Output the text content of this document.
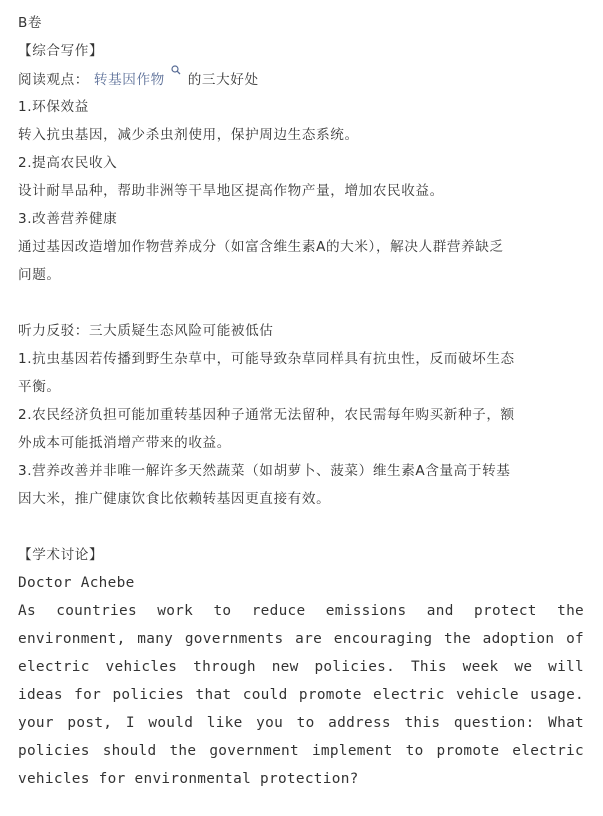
B卷
【综合写作】
阅读观点： 转基因作物 的三大好处
1.环保效益
转入抗虫基因，减少杀虫剂使用，保护周边生态系统。
2.提高农民收入
设计耐旱品种，帮助非洲等干旱地区提高作物产量，增加农民收益。
3.改善营养健康
通过基因改造增加作物营养成分（如富含维生素A的大米），解决人群营养缺乏
问题。
听力反驳：三大质疑生态风险可能被低估
1.抗虫基因若传播到野生杂草中，可能导致杂草同样具有抗虫性，反而破坏生态
平衡。
2.农民经济负担可能加重转基因种子通常无法留种，农民需每年购买新种子，额
外成本可能抵消增产带来的收益。
3.营养改善并非唯一解许多天然蔬菜（如胡萝卜、菠菜）维生素A含量高于转基
因大米，推广健康饮食比依赖转基因更直接有效。
【学术讨论】
Doctor Achebe
As countries work to reduce emissions and protect the
environment, many governments are encouraging the adoption of
electric vehicles through new policies. This week we will
ideas for policies that could promote electric vehicle usage.
your post, I would like you to address this question: What
policies should the government implement to promote electric
vehicles for environmental protection?
